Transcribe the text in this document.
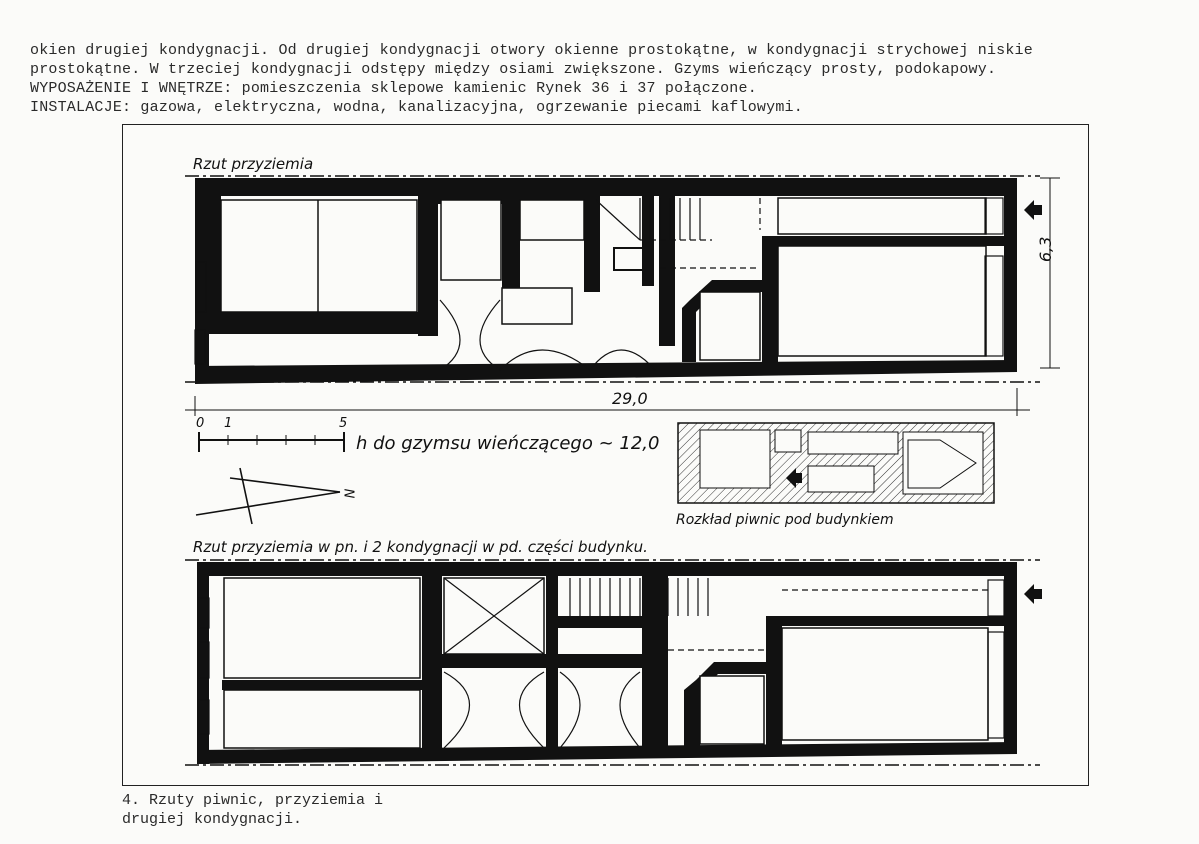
okien drugiej kondygnacji. Od drugiej kondygnacji otwory okienne prostokątne, w kondygnacji strychowej niskie
prostokątne. W trzeciej kondygnacji odstępy między osiami zwiększone. Gzyms wieńczący prosty, podokapowy.
WYPOSAŻENIE I WNĘTRZE: pomieszczenia sklepowe kamienic Rynek 36 i 37 połączone.
INSTALACJE: gazowa, elektryczna, wodna, kanalizacyjna, ogrzewanie piecami kaflowymi.
Rzut przyziemia
29,0
6,3
0 1	5
h do gzymsu wieńczącego ~ 12,0
N
Rozkład piwnic pod budynkiem
Rzut przyziemia w pn. i 2 kondygnacji w pd. części budynku.
4. Rzuty piwnic, przyziemia i
drugiej kondygnacji.
